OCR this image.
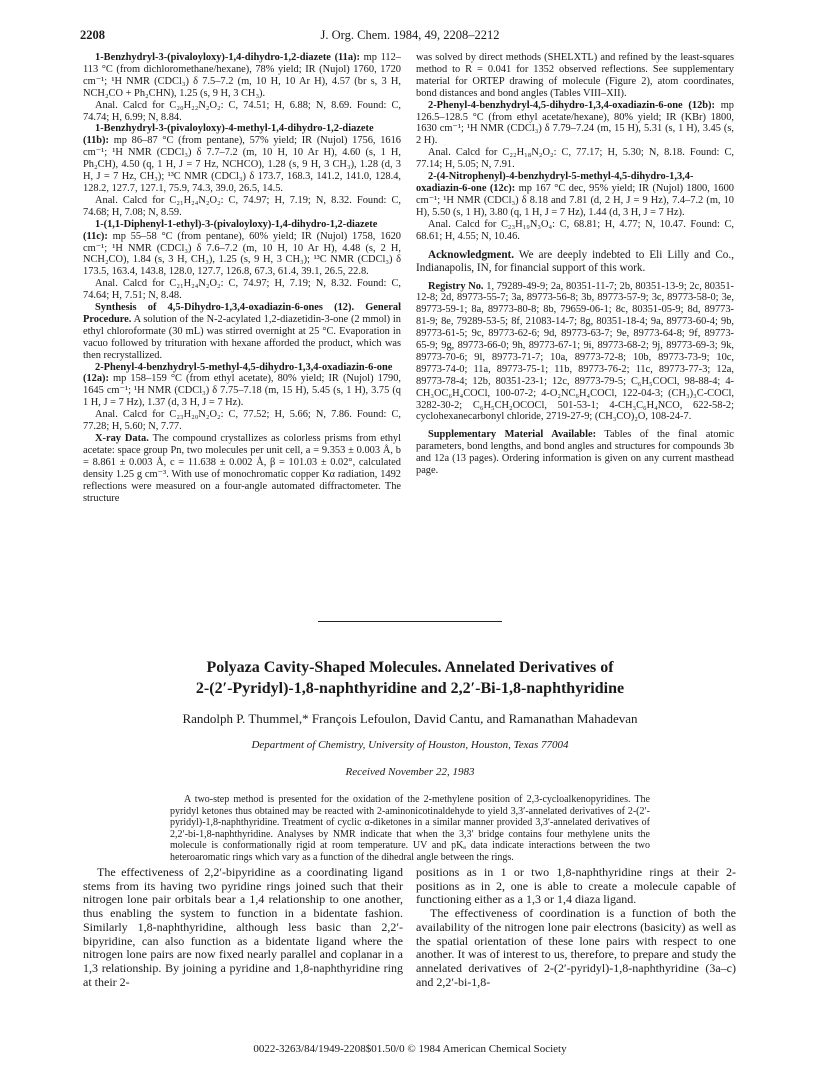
2208	J. Org. Chem. 1984, 49, 2208–2212

1-Benzhydryl-3-(pivaloyloxy)-1,4-dihydro-1,2-diazete (11a): mp 112–113 °C (from dichloromethane/hexane), 78% yield; IR (Nujol) 1760, 1720 cm⁻¹; ¹H NMR (CDCl₃) δ 7.5–7.2 (m, 10 H, 10 Ar H), 4.57 (br s, 3 H, NCH₂CO + Ph₂CHN), 1.25 (s, 9 H, 3 CH₃).

Anal. Calcd for C₂₀H₂₂N₂O₂: C, 74.51; H, 6.88; N, 8.69. Found: C, 74.74; H, 6.99; N, 8.84.

1-Benzhydryl-3-(pivaloyloxy)-4-methyl-1,4-dihydro-1,2-diazete (11b): mp 86–87 °C (from pentane), 57% yield; IR (Nujol) 1756, 1616 cm⁻¹; ¹H NMR (CDCl₃) δ 7.7–7.2 (m, 10 H, 10 Ar H), 4.60 (s, 1 H, Ph₂CH), 4.50 (q, 1 H, J = 7 Hz, NCHCO), 1.28 (s, 9 H, 3 CH₃), 1.28 (d, 3 H, J = 7 Hz, CH₃); ¹³C NMR (CDCl₃) δ 173.7, 168.3, 141.2, 141.0, 128.4, 128.2, 127.7, 127.1, 75.9, 74.3, 39.0, 26.5, 14.5.

Anal. Calcd for C₂₁H₂₄N₂O₂: C, 74.97; H, 7.19; N, 8.32. Found: C, 74.68; H, 7.08; N, 8.59.

1-(1,1-Diphenyl-1-ethyl)-3-(pivaloyloxy)-1,4-dihydro-1,2-diazete (11c): mp 55–58 °C (from pentane), 60% yield; IR (Nujol) 1758, 1620 cm⁻¹; ¹H NMR (CDCl₃) δ 7.6–7.2 (m, 10 H, 10 Ar H), 4.48 (s, 2 H, NCH₂CO), 1.84 (s, 3 H, CH₃), 1.25 (s, 9 H, 3 CH₃); ¹³C NMR (CDCl₃) δ 173.5, 163.4, 143.8, 128.0, 127.7, 126.8, 67.3, 61.4, 39.1, 26.5, 22.8.

Anal. Calcd for C₂₁H₂₄N₂O₂: C, 74.97; H, 7.19; N, 8.32. Found: C, 74.64; H, 7.51; N, 8.48.

Synthesis of 4,5-Dihydro-1,3,4-oxadiazin-6-ones (12). General Procedure. A solution of the N-2-acylated 1,2-diazetidin-3-one (2 mmol) in ethyl chloroformate (30 mL) was stirred overnight at 25 °C. Evaporation in vacuo followed by trituration with hexane afforded the product, which was then recrystallized.

2-Phenyl-4-benzhydryl-5-methyl-4,5-dihydro-1,3,4-oxadiazin-6-one (12a): mp 158–159 °C (from ethyl acetate), 80% yield; IR (Nujol) 1790, 1645 cm⁻¹; ¹H NMR (CDCl₃) δ 7.75–7.18 (m, 15 H), 5.45 (s, 1 H), 3.75 (q 1 H, J = 7 Hz), 1.37 (d, 3 H, J = 7 Hz).

Anal. Calcd for C₂₃H₂₀N₂O₂: C, 77.52; H, 5.66; N, 7.86. Found: C, 77.28; H, 5.60; N, 7.77.

X-ray Data. The compound crystallizes as colorless prisms from ethyl acetate: space group Pn, two molecules per unit cell, a = 9.353 ± 0.003 Å, b = 8.861 ± 0.003 Å, c = 11.638 ± 0.002 Å, β = 101.03 ± 0.02°, calculated density 1.25 g cm⁻³. With use of monochromatic copper Kα radiation, 1492 reflections were measured on a four-angle automated diffractometer. The structure

was solved by direct methods (SHELXTL) and refined by the least-squares method to R = 0.041 for 1352 observed reflections. See supplementary material for ORTEP drawing of molecule (Figure 2), atom coordinates, bond distances and bond angles (Tables VIII–XII).

2-Phenyl-4-benzhydryl-4,5-dihydro-1,3,4-oxadiazin-6-one (12b): mp 126.5–128.5 °C (from ethyl acetate/hexane), 80% yield; IR (KBr) 1800, 1630 cm⁻¹; ¹H NMR (CDCl₃) δ 7.79–7.24 (m, 15 H), 5.31 (s, 1 H), 3.45 (s, 2 H).

Anal. Calcd for C₂₂H₁₈N₂O₂: C, 77.17; H, 5.30; N, 8.18. Found: C, 77.14; H, 5.05; N, 7.91.

2-(4-Nitrophenyl)-4-benzhydryl-5-methyl-4,5-dihydro-1,3,4-oxadiazin-6-one (12c): mp 167 °C dec, 95% yield; IR (Nujol) 1800, 1600 cm⁻¹; ¹H NMR (CDCl₃) δ 8.18 and 7.81 (d, 2 H, J = 9 Hz), 7.4–7.2 (m, 10 H), 5.50 (s, 1 H), 3.80 (q, 1 H, J = 7 Hz), 1.44 (d, 3 H, J = 7 Hz).

Anal. Calcd for C₂₃H₁₉N₃O₄: C, 68.81; H, 4.77; N, 10.47. Found: C, 68.61; H, 4.55; N, 10.46.

Acknowledgment. We are deeply indebted to Eli Lilly and Co., Indianapolis, IN, for financial support of this work.

Registry No. 1, 79289-49-9; 2a, 80351-11-7; 2b, 80351-13-9; 2c, 80351-12-8; 2d, 89773-55-7; 3a, 89773-56-8; 3b, 89773-57-9; 3c, 89773-58-0; 3e, 89773-59-1; 8a, 89773-80-8; 8b, 79659-06-1; 8c, 80351-05-9; 8d, 89773-81-9; 8e, 79289-53-5; 8f, 21083-14-7; 8g, 80351-18-4; 9a, 89773-60-4; 9b, 89773-61-5; 9c, 89773-62-6; 9d, 89773-63-7; 9e, 89773-64-8; 9f, 89773-65-9; 9g, 89773-66-0; 9h, 89773-67-1; 9i, 89773-68-2; 9j, 89773-69-3; 9k, 89773-70-6; 9l, 89773-71-7; 10a, 89773-72-8; 10b, 89773-73-9; 10c, 89773-74-0; 11a, 89773-75-1; 11b, 89773-76-2; 11c, 89773-77-3; 12a, 89773-78-4; 12b, 80351-23-1; 12c, 89773-79-5; C₆H₅COCl, 98-88-4; 4-CH₃OC₆H₄COCl, 100-07-2; 4-O₂NC₆H₄COCl, 122-04-3; (CH₃)₃C-COCl, 3282-30-2; C₆H₅CH₂OCOCl, 501-53-1; 4-CH₃C₆H₄NCO, 622-58-2; cyclohexanecarbonyl chloride, 2719-27-9; (CH₃CO)₂O, 108-24-7.

Supplementary Material Available: Tables of the final atomic parameters, bond lengths, and bond angles and structures for compounds 3b and 12a (13 pages). Ordering information is given on any current masthead page.

Polyaza Cavity-Shaped Molecules. Annelated Derivatives of
2-(2′-Pyridyl)-1,8-naphthyridine and 2,2′-Bi-1,8-naphthyridine
Randolph P. Thummel,* François Lefoulon, David Cantu, and Ramanathan Mahadevan
Department of Chemistry, University of Houston, Houston, Texas 77004
Received November 22, 1983
A two-step method is presented for the oxidation of the 2-methylene position of 2,3-cycloalkenopyridines. The pyridyl ketones thus obtained may be reacted with 2-aminonicotinaldehyde to yield 3,3′-annelated derivatives of 2-(2′-pyridyl)-1,8-naphthyridine. Treatment of cyclic α-diketones in a similar manner provided 3,3′-annelated derivatives of 2,2′-bi-1,8-naphthyridine. Analyses by NMR indicate that when the 3,3′ bridge contains four methylene units the molecule is conformationally rigid at room temperature. UV and pKₐ data indicate interactions between the two heteroaromatic rings which vary as a function of the dihedral angle between the rings.

The effectiveness of 2,2′-bipyridine as a coordinating ligand stems from its having two pyridine rings joined such that their nitrogen lone pair orbitals bear a 1,4 relationship to one another, thus enabling the system to function in a bidentate fashion. Similarly 1,8-naphthyridine, although less basic than 2,2′-bipyridine, can also function as a bidentate ligand where the nitrogen lone pairs are now fixed nearly parallel and coplanar in a 1,3 relationship. By joining a pyridine and 1,8-naphthyridine ring at their 2-

positions as in 1 or two 1,8-naphthyridine rings at their 2-positions as in 2, one is able to create a molecule capable of functioning either as a 1,3 or 1,4 diaza ligand.

The effectiveness of coordination is a function of both the availability of the nitrogen lone pair electrons (basicity) as well as the spatial orientation of these lone pairs with respect to one another. It was of interest to us, therefore, to prepare and study the annelated derivatives of 2-(2′-pyridyl)-1,8-naphthyridine (3a–c) and 2,2′-bi-1,8-

0022-3263/84/1949-2208$01.50/0 © 1984 American Chemical Society
